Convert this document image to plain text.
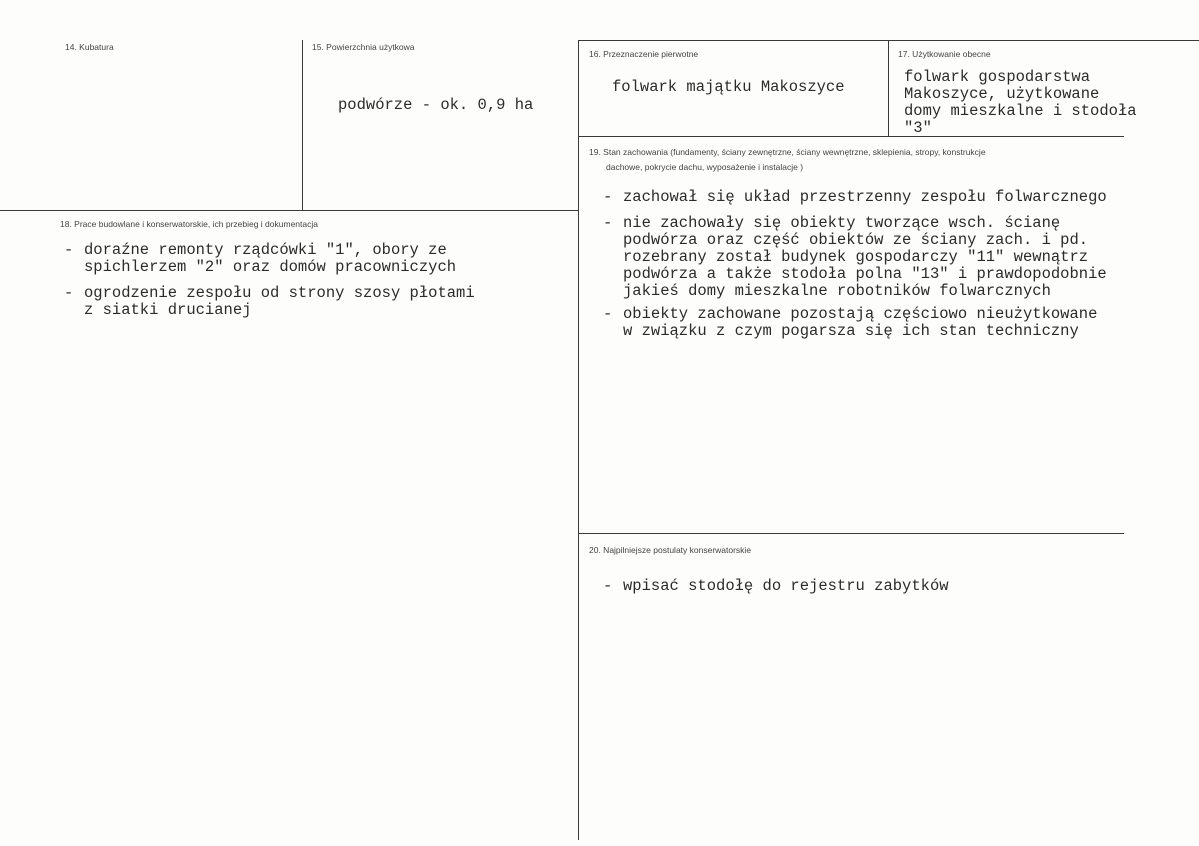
14. Kubatura	15. Powierzchnia użytkowa
podwórze - ok. 0,9 ha
16. Przeznaczenie pierwotne
folwark majątku Makoszyce
17. Użytkowanie obecne
folwark gospodarstwa
Makoszyce, użytkowane
domy mieszkalne i stodoła
"3"
18. Prace budowlane i konserwatorskie, ich przebieg i dokumentacja
- doraźne remonty rządcówki "1", obory ze
spichlerzem "2" oraz domów pracowniczych
- ogrodzenie zespołu od strony szosy płotami
z siatki drucianej
19. Stan zachowania (fundamenty, ściany zewnętrzne, ściany wewnętrzne, sklepienia, stropy, konstrukcje
dachowe, pokrycie dachu, wyposażenie i instalacje )
- zachował się układ przestrzenny zespołu folwarcznego
- nie zachowały się obiekty tworzące wsch. ścianę
podwórza oraz część obiektów ze ściany zach. i pd.
rozebrany został budynek gospodarczy "11" wewnątrz
podwórza a także stodoła polna "13" i prawdopodobnie
jakieś domy mieszkalne robotników folwarcznych
- obiekty zachowane pozostają częściowo nieużytkowane
w związku z czym pogarsza się ich stan techniczny
20. Najpilniejsze postulaty konserwatorskie
- wpisać stodołę do rejestru zabytków
